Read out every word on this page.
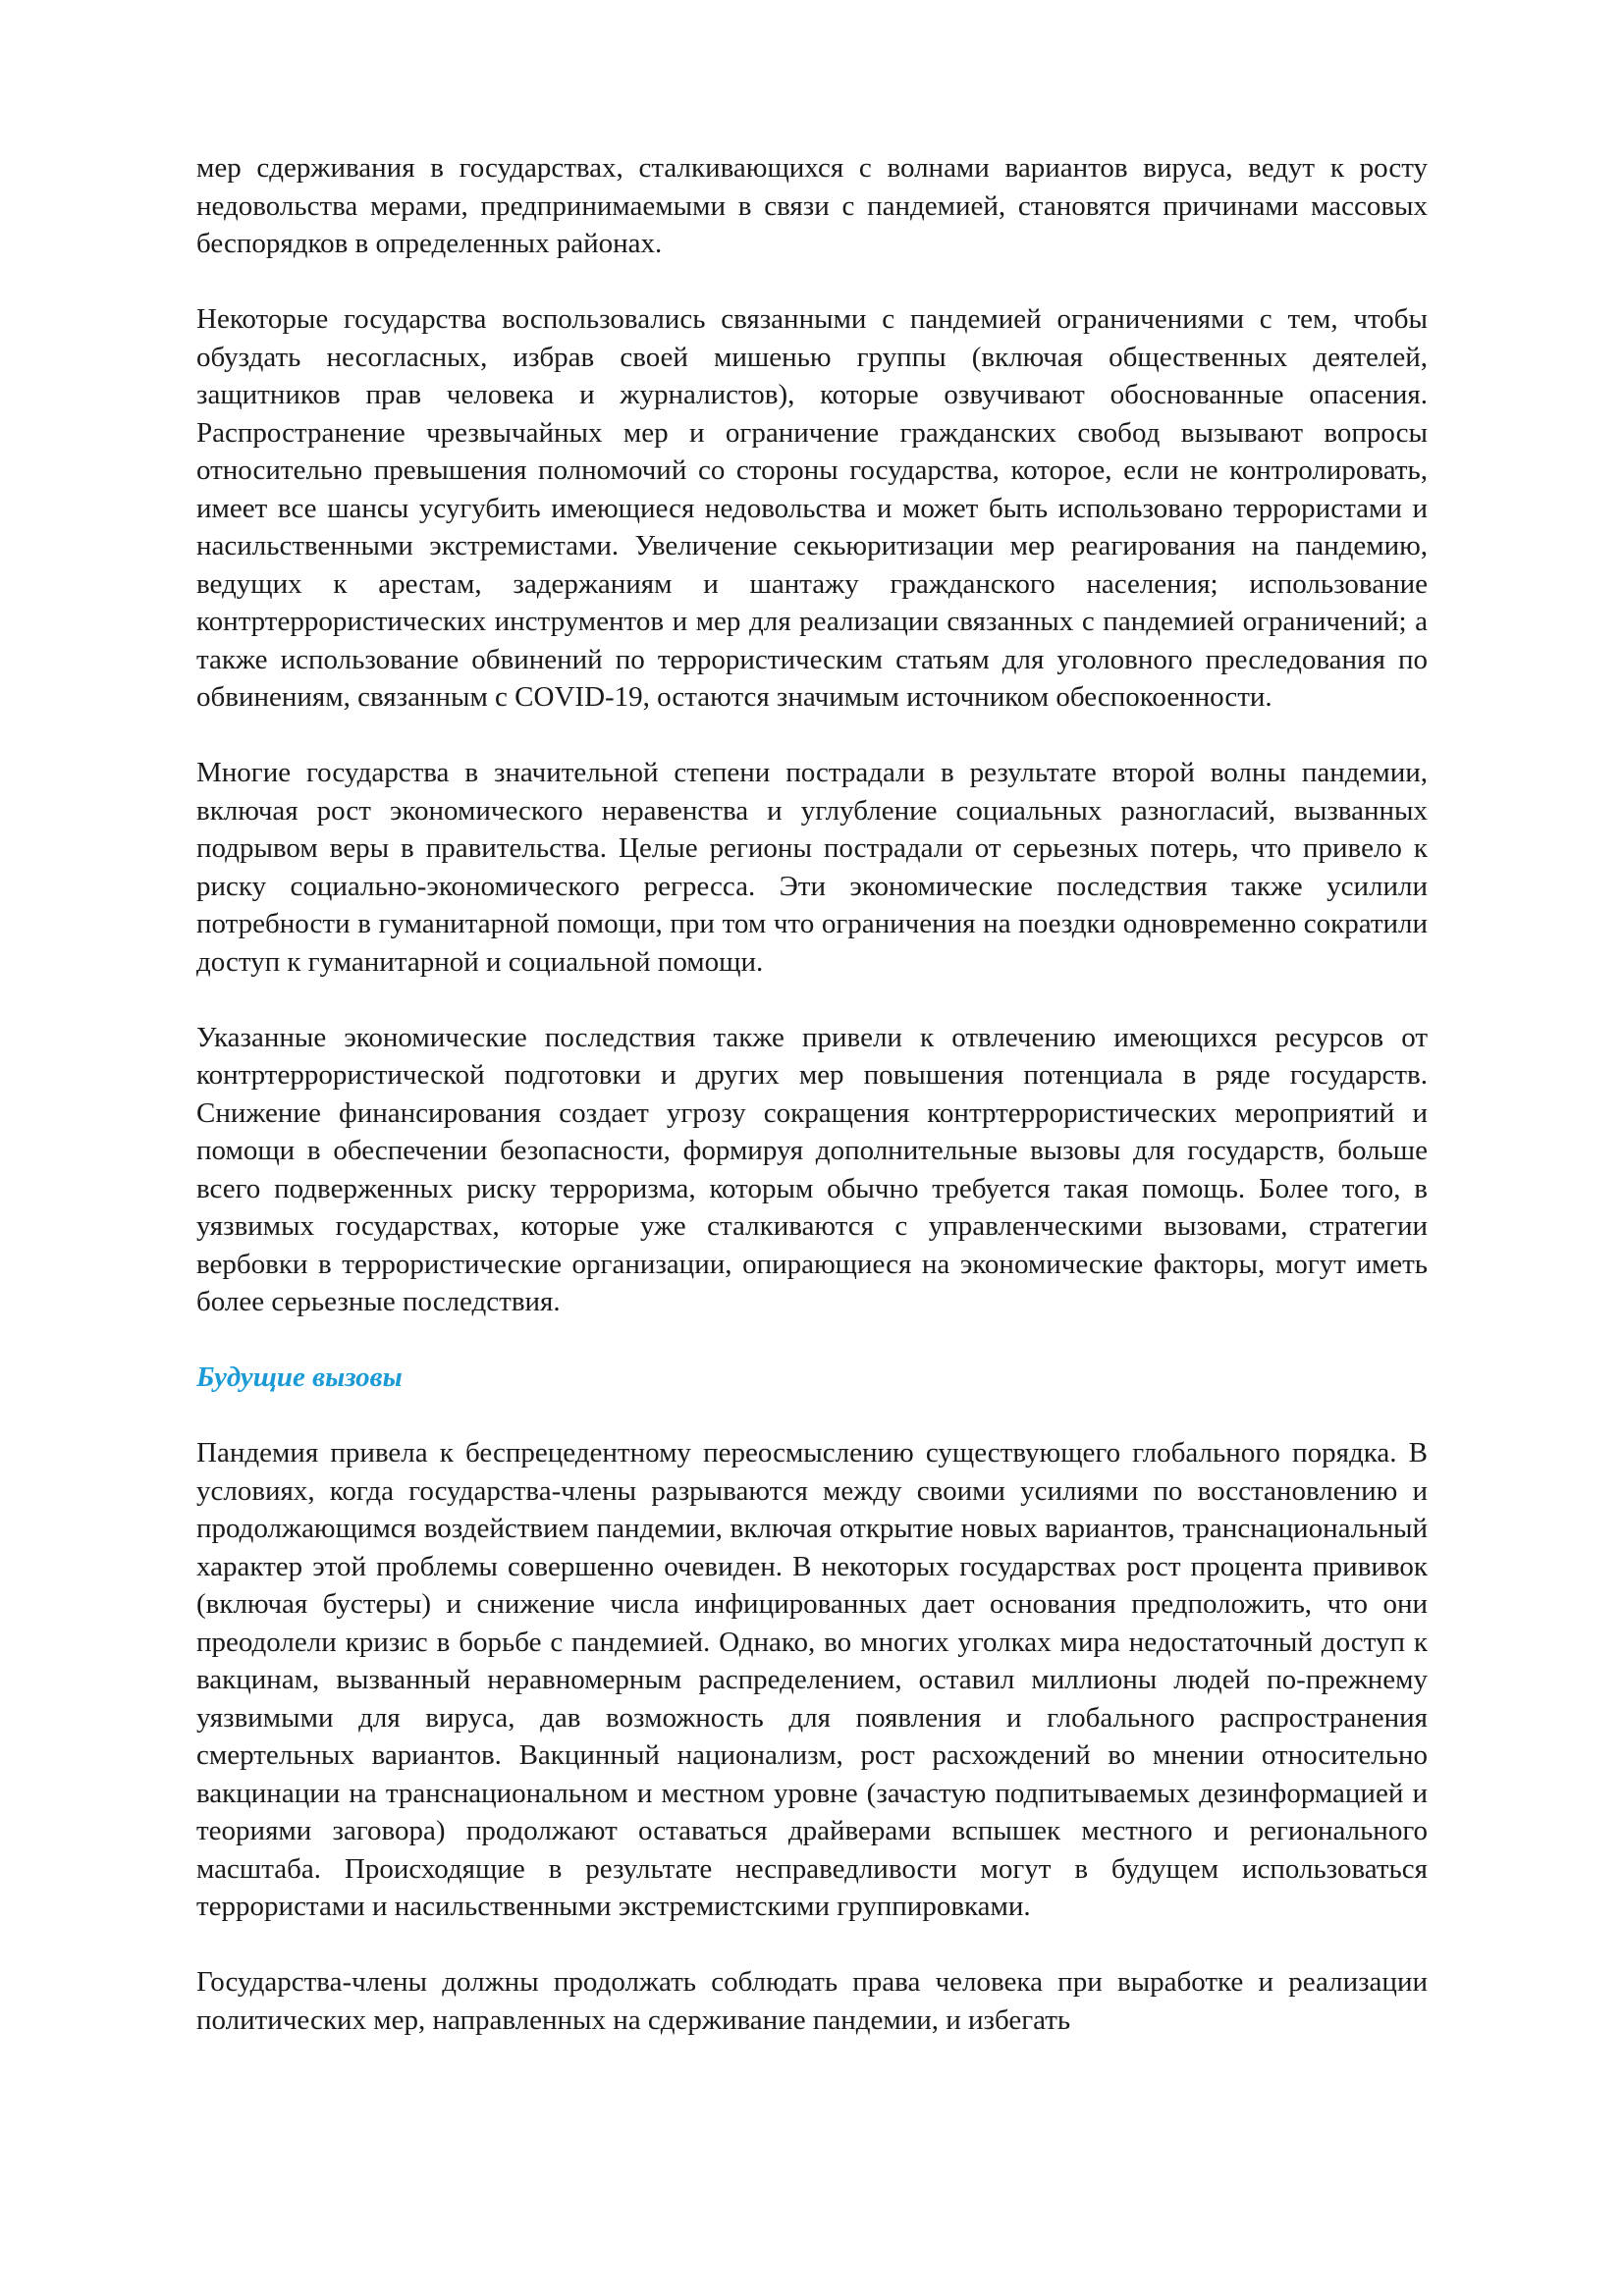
мер сдерживания в государствах, сталкивающихся с волнами вариантов вируса, ведут к росту недовольства мерами, предпринимаемыми в связи с пандемией, становятся причинами массовых беспорядков в определенных районах.

Некоторые государства воспользовались связанными с пандемией ограничениями с тем, чтобы обуздать несогласных, избрав своей мишенью группы (включая общественных деятелей, защитников прав человека и журналистов), которые озвучивают обоснованные опасения. Распространение чрезвычайных мер и ограничение гражданских свобод вызывают вопросы относительно превышения полномочий со стороны государства, которое, если не контролировать, имеет все шансы усугубить имеющиеся недовольства и может быть использовано террористами и насильственными экстремистами. Увеличение секьюритизации мер реагирования на пандемию, ведущих к арестам, задержаниям и шантажу гражданского населения; использование контртеррористических инструментов и мер для реализации связанных с пандемией ограничений; а также использование обвинений по террористическим статьям для уголовного преследования по обвинениям, связанным с COVID-19, остаются значимым источником обеспокоенности.

Многие государства в значительной степени пострадали в результате второй волны пандемии, включая рост экономического неравенства и углубление социальных разногласий, вызванных подрывом веры в правительства. Целые регионы пострадали от серьезных потерь, что привело к риску социально-экономического регресса. Эти экономические последствия также усилили потребности в гуманитарной помощи, при том что ограничения на поездки одновременно сократили доступ к гуманитарной и социальной помощи.

Указанные экономические последствия также привели к отвлечению имеющихся ресурсов от контртеррористической подготовки и других мер повышения потенциала в ряде государств. Снижение финансирования создает угрозу сокращения контртеррористических мероприятий и помощи в обеспечении безопасности, формируя дополнительные вызовы для государств, больше всего подверженных риску терроризма, которым обычно требуется такая помощь. Более того, в уязвимых государствах, которые уже сталкиваются с управленческими вызовами, стратегии вербовки в террористические организации, опирающиеся на экономические факторы, могут иметь более серьезные последствия.

Будущие вызовы

Пандемия привела к беспрецедентному переосмыслению существующего глобального порядка. В условиях, когда государства-члены разрываются между своими усилиями по восстановлению и продолжающимся воздействием пандемии, включая открытие новых вариантов, транснациональный характер этой проблемы совершенно очевиден. В некоторых государствах рост процента прививок (включая бустеры) и снижение числа инфицированных дает основания предположить, что они преодолели кризис в борьбе с пандемией. Однако, во многих уголках мира недостаточный доступ к вакцинам, вызванный неравномерным распределением, оставил миллионы людей по-прежнему уязвимыми для вируса, дав возможность для появления и глобального распространения смертельных вариантов. Вакцинный национализм, рост расхождений во мнении относительно вакцинации на транснациональном и местном уровне (зачастую подпитываемых дезинформацией и теориями заговора) продолжают оставаться драйверами вспышек местного и регионального масштаба. Происходящие в результате несправедливости могут в будущем использоваться террористами и насильственными экстремистскими группировками.

Государства-члены должны продолжать соблюдать права человека при выработке и реализации политических мер, направленных на сдерживание пандемии, и избегать
